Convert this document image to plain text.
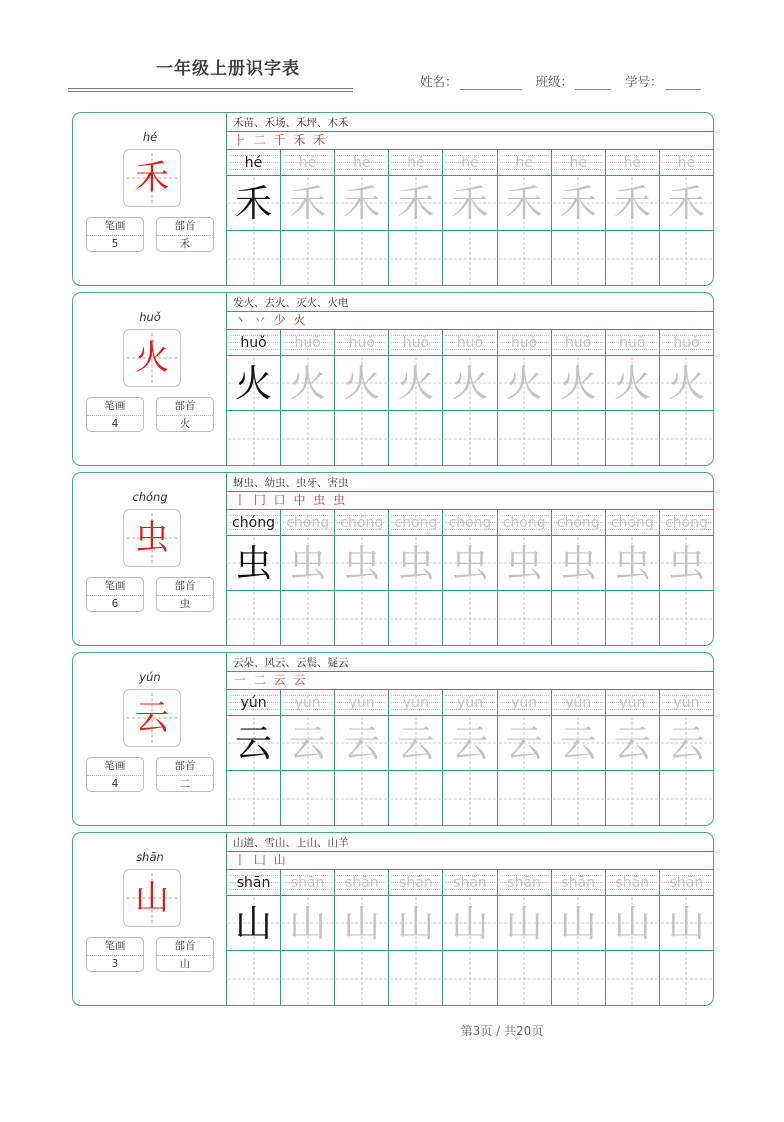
一年级上册识字表
姓名：	班级：	学号：
hé
禾
笔画
5
部首
禾
禾苗、禾场、禾坪、木禾
⺊ 二 千 禾 禾
hé	hé	hé	hé	hé	hé	hé	hé	hé
禾 禾 禾 禾 禾 禾 禾 禾 禾
huǒ
火
笔画
4
部首
火
发火、去火、灭火、火电
丶 丷 少 火
huǒ	huǒ	huǒ	huǒ	huǒ	huǒ	huǒ	huǒ	huǒ
火 火 火 火 火 火 火 火 火
chóng
虫
笔画
6
部首
虫
蚜虫、幼虫、虫牙、害虫
丨 冂 口 中 虫 虫
chóng chóng chóng chóng chóng chóng chóng chóng chóng
虫 虫 虫 虫 虫 虫 虫 虫 虫
yún
云
笔画
4
部首
二
云朵、风云、云鬓、疑云
一 二 云 云
yún	yún	yún	yún	yún	yún	yún	yún	yún
云 云 云 云 云 云 云 云 云
shān
山
笔画
3
部首
山
山道、雪山、上山、山羊
丨 凵 山
shān	shān	shān	shān	shān	shān	shān	shān	shān
山 山 山 山 山 山 山 山 山
第3页 / 共20页
